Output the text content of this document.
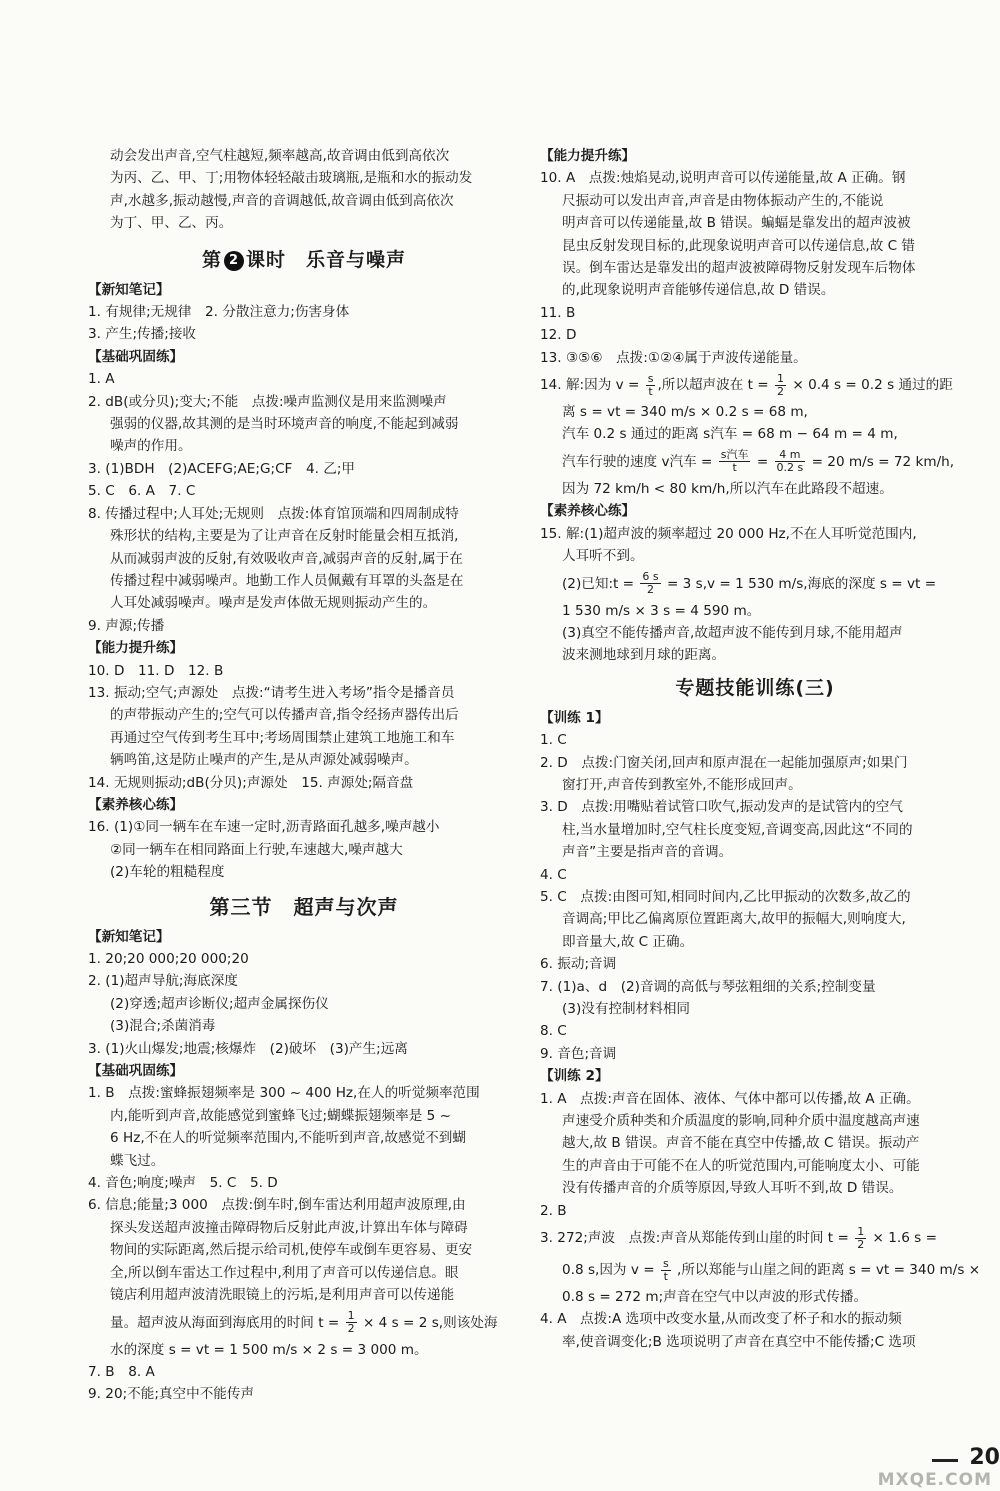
动会发出声音,空气柱越短,频率越高,故音调由低到高依次
为丙、乙、甲、丁;用物体轻轻敲击玻璃瓶,是瓶和水的振动发
声,水越多,振动越慢,声音的音调越低,故音调由低到高依次
为丁、甲、乙、丙。
第 2 课时　乐音与噪声
【新知笔记】
1. 有规律;无规律　2. 分散注意力;伤害身体
3. 产生;传播;接收
【基础巩固练】
1. A
2. dB(或分贝);变大;不能　点拨:噪声监测仪是用来监测噪声
强弱的仪器,故其测的是当时环境声音的响度,不能起到减弱
噪声的作用。
3. (1)BDH　(2)ACEFG;AE;G;CF　4. 乙;甲
5. C　6. A　7. C
8. 传播过程中;人耳处;无规则　点拨:体育馆顶端和四周制成特
殊形状的结构,主要是为了让声音在反射时能量会相互抵消,
从而减弱声波的反射,有效吸收声音,减弱声音的反射,属于在
传播过程中减弱噪声。地勤工作人员佩戴有耳罩的头盔是在
人耳处减弱噪声。噪声是发声体做无规则振动产生的。
9. 声源;传播
【能力提升练】
10. D　11. D　12. B
13. 振动;空气;声源处　点拨:“请考生进入考场”指令是播音员
的声带振动产生的;空气可以传播声音,指令经扬声器传出后
再通过空气传到考生耳中;考场周围禁止建筑工地施工和车
辆鸣笛,这是防止噪声的产生,是从声源处减弱噪声。
14. 无规则振动;dB(分贝);声源处　15. 声源处;隔音盘
【素养核心练】
16. (1)①同一辆车在车速一定时,沥青路面孔越多,噪声越小
②同一辆车在相同路面上行驶,车速越大,噪声越大
(2)车轮的粗糙程度
第三节　超声与次声
【新知笔记】
1. 20;20 000;20 000;20
2. (1)超声导航;海底深度
(2)穿透;超声诊断仪;超声金属探伤仪
(3)混合;杀菌消毒
3. (1)火山爆发;地震;核爆炸　(2)破坏　(3)产生;远离
【基础巩固练】
1. B　点拨:蜜蜂振翅频率是 300 ~ 400 Hz,在人的听觉频率范围
内,能听到声音,故能感觉到蜜蜂飞过;蝴蝶振翅频率是 5 ~
6 Hz,不在人的听觉频率范围内,不能听到声音,故感觉不到蝴
蝶飞过。
4. 音色;响度;噪声　5. C　5. D
6. 信息;能量;3 000　点拨:倒车时,倒车雷达利用超声波原理,由
探头发送超声波撞击障碍物后反射此声波,计算出车体与障碍
物间的实际距离,然后提示给司机,使停车或倒车更容易、更安
全,所以倒车雷达工作过程中,利用了声音可以传递信息。眼
镜店利用超声波清洗眼镜上的污垢,是利用声音可以传递能
量。超声波从海面到海底用的时间 $t = \frac{1}{2} \times 4$ s = 2 s,则该处海
水的深度 s = vt = 1 500 m/s × 2 s = 3 000 m。
7. B　8. A
9. 20;不能;真空中不能传声
【能力提升练】
10. A　点拨:烛焰晃动,说明声音可以传递能量,故 A 正确。钢
尺振动可以发出声音,声音是由物体振动产生的,不能说
明声音可以传递能量,故 B 错误。蝙蝠是靠发出的超声波被
昆虫反射发现目标的,此现象说明声音可以传递信息,故 C 错
误。倒车雷达是靠发出的超声波被障碍物反射发现车后物体
的,此现象说明声音能够传递信息,故 D 错误。
11. B
12. D
13. ③⑤⑥　点拨:①②④属于声波传递能量。
14. 解:因为 $v = \frac{s}{t}$ ,所以超声波在 $t = \frac{1}{2} \times 0.4$ s = 0.2 s 通过的距
离 s = vt = 340 m/s × 0.2 s = 68 m,
汽车 0.2 s 通过的距离 s汽车 = 68 m − 64 m = 4 m,
汽车行驶的速度 v汽车 = $\frac{\text{s汽车}}{t} = \frac{4 m}{0.2 s} = 20$ m/s = 72 km/h,
因为 72 km/h < 80 km/h,所以汽车在此路段不超速。
【素养核心练】
15. 解:(1)超声波的频率超过 20 000 Hz,不在人耳听觉范围内,
人耳听不到。
(2)已知:t = $\frac{6 s}{2} = 3$ s,v = 1 530 m/s,海底的深度 s = vt =
1 530 m/s × 3 s = 4 590 m。
(3)真空不能传播声音,故超声波不能传到月球,不能用超声
波来测地球到月球的距离。
专题技能训练(三)
【训练 1】
1. C
2. D　点拨:门窗关闭,回声和原声混在一起能加强原声;如果门
窗打开,声音传到教室外,不能形成回声。
3. D　点拨:用嘴贴着试管口吹气,振动发声的是试管内的空气
柱,当水量增加时,空气柱长度变短,音调变高,因此这“不同的
声音”主要是指声音的音调。
4. C
5. C　点拨:由图可知,相同时间内,乙比甲振动的次数多,故乙的
音调高;甲比乙偏离原位置距离大,故甲的振幅大,则响度大,
即音量大,故 C 正确。
6. 振动;音调
7. (1)a、d　(2)音调的高低与琴弦粗细的关系;控制变量
(3)没有控制材料相同
8. C
9. 音色;音调
【训练 2】
1. A　点拨:声音在固体、液体、气体中都可以传播,故 A 正确。
声速受介质种类和介质温度的影响,同种介质中温度越高声速
越大,故 B 错误。声音不能在真空中传播,故 C 错误。振动产
生的声音由于可能不在人的听觉范围内,可能响度太小、可能
没有传播声音的介质等原因,导致人耳听不到,故 D 错误。
2. B
3. 272;声波　点拨:声音从郑能传到山崖的时间 $t = \frac{1}{2} \times 1.6$ s =
0.8 s,因为 $v = \frac{s}{t}$ ,所以郑能与山崖之间的距离 s = vt = 340 m/s ×
0.8 s = 272 m;声音在空气中以声波的形式传播。
4. A　点拨:A 选项中改变水量,从而改变了杯子和水的振动频
率,使音调变化;B 选项说明了声音在真空中不能传播;C 选项
20
MXQE.COM
